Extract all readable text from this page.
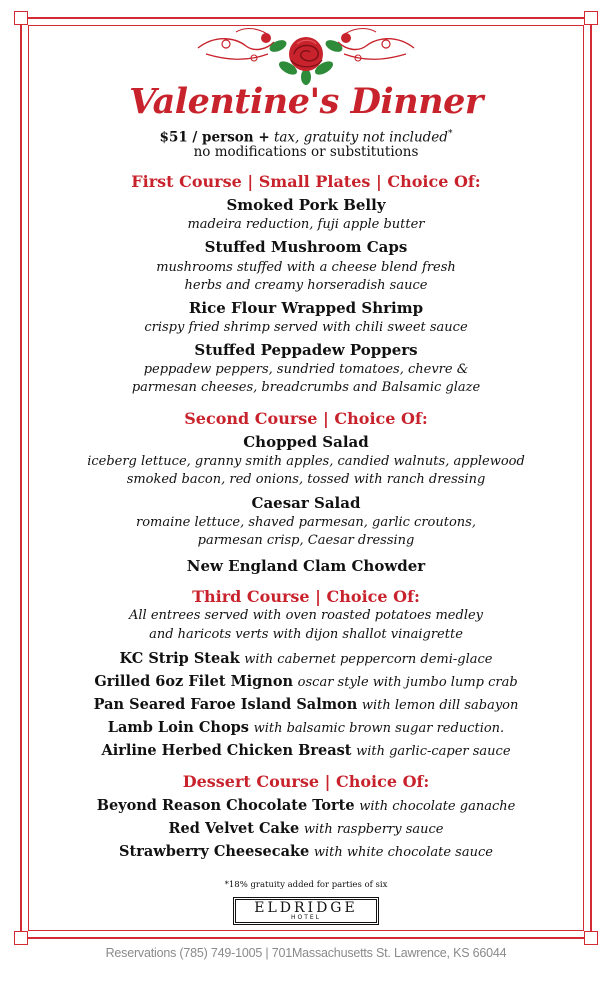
Valentine's Dinner
$51 / person + tax, gratuity not included*
no modifications or substitutions
First Course | Small Plates | Choice Of:
Smoked Pork Belly
madeira reduction, fuji apple butter
Stuffed Mushroom Caps
mushrooms stuffed with a cheese blend fresh
herbs and creamy horseradish sauce
Rice Flour Wrapped Shrimp
crispy fried shrimp served with chili sweet sauce
Stuffed Peppadew Poppers
peppadew peppers, sundried tomatoes, chevre &
parmesan cheeses, breadcrumbs and Balsamic glaze
Second Course | Choice Of:
Chopped Salad
iceberg lettuce, granny smith apples, candied walnuts, applewood
smoked bacon, red onions, tossed with ranch dressing
Caesar Salad
romaine lettuce, shaved parmesan, garlic croutons,
parmesan crisp, Caesar dressing
New England Clam Chowder
Third Course | Choice Of:
All entrees served with oven roasted potatoes medley
and haricots verts with dijon shallot vinaigrette
KC Strip Steak with cabernet peppercorn demi-glace
Grilled 6oz Filet Mignon oscar style with jumbo lump crab
Pan Seared Faroe Island Salmon with lemon dill sabayon
Lamb Loin Chops with balsamic brown sugar reduction.
Airline Herbed Chicken Breast with garlic-caper sauce
Dessert Course | Choice Of:
Beyond Reason Chocolate Torte with chocolate ganache
Red Velvet Cake with raspberry sauce
Strawberry Cheesecake with white chocolate sauce
*18% gratuity added for parties of six
ELDRIDGE
HOTEL
Reservations (785) 749-1005 | 701Massachusetts St. Lawrence, KS 66044
